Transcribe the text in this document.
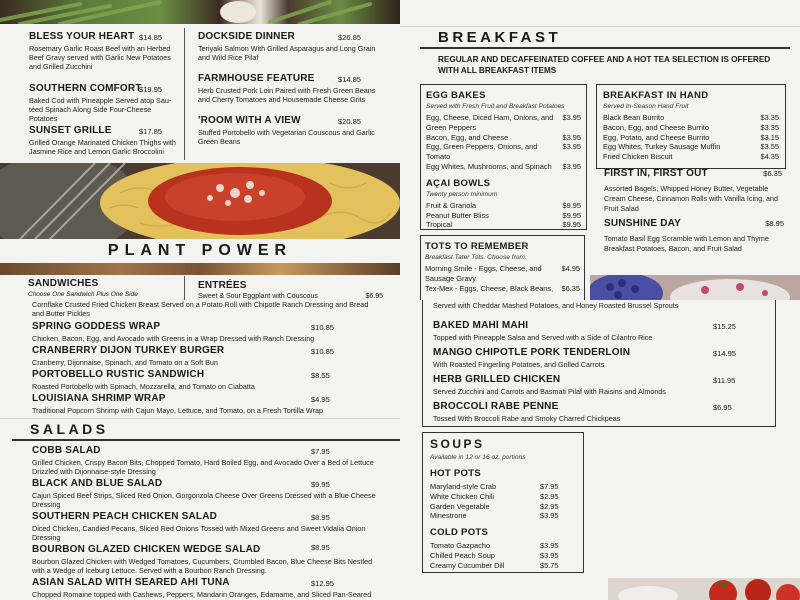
BLESS YOUR HEART $14.85
Rosemary Garlic Roast Beef with an Herbed Beef Gravy served with Garlic New Potatoes and Grilled Zucchini
SOUTHERN COMFORT
$19.95
Baked Cod with Pineapple Served atop Sau-téed Spinach Along Side Four-Cheese Potatoes
SUNSET GRILLE	$17.85
Grilled Orange Marinated Chicken Thighs with Jasmine Rice and Lemon Garlic Broccolini
DOCKSIDE DINNER	$26.85
Teriyaki Salmon With Grilled Asparagus and Long Grain and Wild Rice Pilaf
FARMHOUSE FEATURE	$14.85
Herb Crusted Pork Loin Paired with Fresh Green Beans and Cherry Tomatoes and Housemade Cheese Grits
'ROOM WITH A VIEW	$20.85
Stuffed Portobello with Vegetarian Couscous and Garlic Green Beans
PLANT POWER
SANDWICHES
Choose One Sandwich Plus One Side
ENTRÉES
Sweet & Sour Eggplant with Couscous	$6.95
BREAKFAST
REGULAR AND DECAFFEINATED COFFEE AND A HOT TEA SELECTION IS OFFERED WITH ALL BREAKFAST ITEMS
EGG BAKES
Served with Fresh Fruit and Breakfast Potatoes
Egg, Cheese, Diced Ham, Onions, and Green Peppers
$3.95
Bacon, Egg, and Cheese	$3.95
Egg, Green Peppers, Onions, and Tomato
$3.95
Egg Whites, Mushrooms, and Spinach	$3.95
AÇAI BOWLS
Twenty person minimum
Fruit & Granola	$9.95
Peanut Butter Bliss	$9.95
Tropical	$9.95
BREAKFAST IN HAND
Served In-Season Hand Fruit
Black Bean Burrito	$3.35
Bacon, Egg, and Cheese Burrito	$3.35
Egg, Potato, and Cheese Burrito	$3.15
Egg Whites, Turkey Sausage Muffin	$3.55
Fried Chicken Biscuit	$4.35
FIRST IN, FIRST OUT	$6.35
Assorted Bagels, Whipped Honey Butter, Vegetable Cream Cheese, Cinnamon Rolls with Vanilla Icing, and Fruit Salad
SUNSHINE DAY	$8.95
Tomato Basil Egg Scramble with Lemon and Thyme Breakfast Potatoes, Bacon, and Fruit Salad
TOTS TO REMEMBER
Breakfast Tater Tots. Choose from:
Morning Smile - Eggs, Cheese, and Sausage Gravy
$4.95
Tex-Mex - Eggs, Cheese, Black Beans,	$6.35
Cornflake Crusted Fried Chicken Breast Served on a Potato Roll with Chipotle Ranch Dressing and Bread and Butter Pickles
SPRING GODDESS WRAP	$10.85
Chicken, Bacon, Egg, and Avocado with Greens in a Wrap Dressed with Ranch Dressing
CRANBERRY DIJON TURKEY BURGER	$10.85
Cranberry, Dijonnaise, Spinach, and Tomato on a Soft Bun
PORTOBELLO RUSTIC SANDWICH	$8.55
Roasted Portobello with Spinach, Mozzarella, and Tomato on Ciabatta
LOUISIANA SHRIMP WRAP	$4.95
Traditional Popcorn Shrimp with Cajun Mayo, Lettuce, and Tomato, on a Fresh Tortilla Wrap
SALADS
COBB SALAD	$7.95
Grilled Chicken, Crispy Bacon Bits, Chopped Tomato, Hard Boiled Egg, and Avocado Over a Bed of Lettuce Drizzled with Dijonnaise-style Dressing
BLACK AND BLUE SALAD	$9.95
Cajun Spiced Beef Strips, Sliced Red Onion, Gorgonzola Cheese Over Greens Dressed with a Blue Cheese Dressing
SOUTHERN PEACH CHICKEN SALAD	$8.95
Diced Chicken, Candied Pecans, Sliced Red Onions Tossed with Mixed Greens and Sweet Vidalia Onion Dressing
BOURBON GLAZED CHICKEN WEDGE SALAD	$8.95
Bourbon Glazed Chicken with Wedged Tomatoes, Cucumbers, Crumbled Bacon, Blue Cheese Bits Nestled with a Wedge of Iceburg Lettuce. Served with a Bourbon Ranch Dressing.
ASIAN SALAD WITH SEARED AHI TUNA	$12.95
Chopped Romaine topped with Cashews, Peppers, Mandarin Oranges, Edamame, and Sliced Pan-Seared
Served with Cheddar Mashed Potatoes, and Honey Roasted Brussel Sprouts
BAKED MAHI MAHI	$15.25
Topped with Pineapple Salsa and Served with a Side of Cilantro Rice
MANGO CHIPOTLE PORK TENDERLOIN	$14.95
With Roasted Fingerling Potatoes, and Grilled Carrots
HERB GRILLED CHICKEN	$11.95
Served Zucchini and Carrots and Basmati Pilaf with Raisins and Almonds
BROCCOLI RABE PENNE	$6.95
Tossed With Broccoli Rabe and Smoky Charred Chickpeas
SOUPS
Available in 12 or 16 oz. portions
HOT POTS
Maryland-style Crab	$7.95
White Chicken Chili	$2.95
Garden Vegetable	$2.95
Minestrone	$3.95
COLD POTS
Tomato Gazpacho	$3.95
Chilled Peach Soup	$3.95
Creamy Cucumber Dill	$5.75
